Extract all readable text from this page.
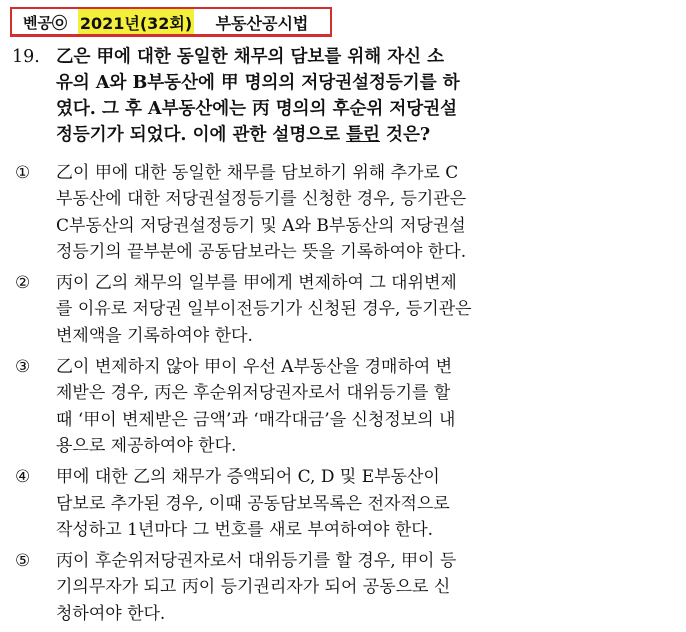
벤공㉧ 2021년(32회)	부동산공시법
19. 乙은 甲에 대한 동일한 채무의 담보를 위해 자신 소
유의 A와 B부동산에 甲 명의의 저당권설정등기를 하
였다. 그 후 A부동산에는 丙 명의의 후순위 저당권설
정등기가 되었다. 이에 관한 설명으로 틀린 것은?
① 乙이 甲에 대한 동일한 채무를 담보하기 위해 추가로 C
부동산에 대한 저당권설정등기를 신청한 경우, 등기관은
C부동산의 저당권설정등기 및 A와 B부동산의 저당권설
정등기의 끝부분에 공동담보라는 뜻을 기록하여야 한다.
② 丙이 乙의 채무의 일부를 甲에게 변제하여 그 대위변제
를 이유로 저당권 일부이전등기가 신청된 경우, 등기관은
변제액을 기록하여야 한다.
③ 乙이 변제하지 않아 甲이 우선 A부동산을 경매하여 변
제받은 경우, 丙은 후순위저당권자로서 대위등기를 할
때 ‘甲이 변제받은 금액’과 ‘매각대금’을 신청정보의 내
용으로 제공하여야 한다.
④ 甲에 대한 乙의 채무가 증액되어 C, D 및 E부동산이
담보로 추가된 경우, 이때 공동담보목록은 전자적으로
작성하고 1년마다 그 번호를 새로 부여하여야 한다.
⑤ 丙이 후순위저당권자로서 대위등기를 할 경우, 甲이 등
기의무자가 되고 丙이 등기권리자가 되어 공동으로 신
청하여야 한다.
